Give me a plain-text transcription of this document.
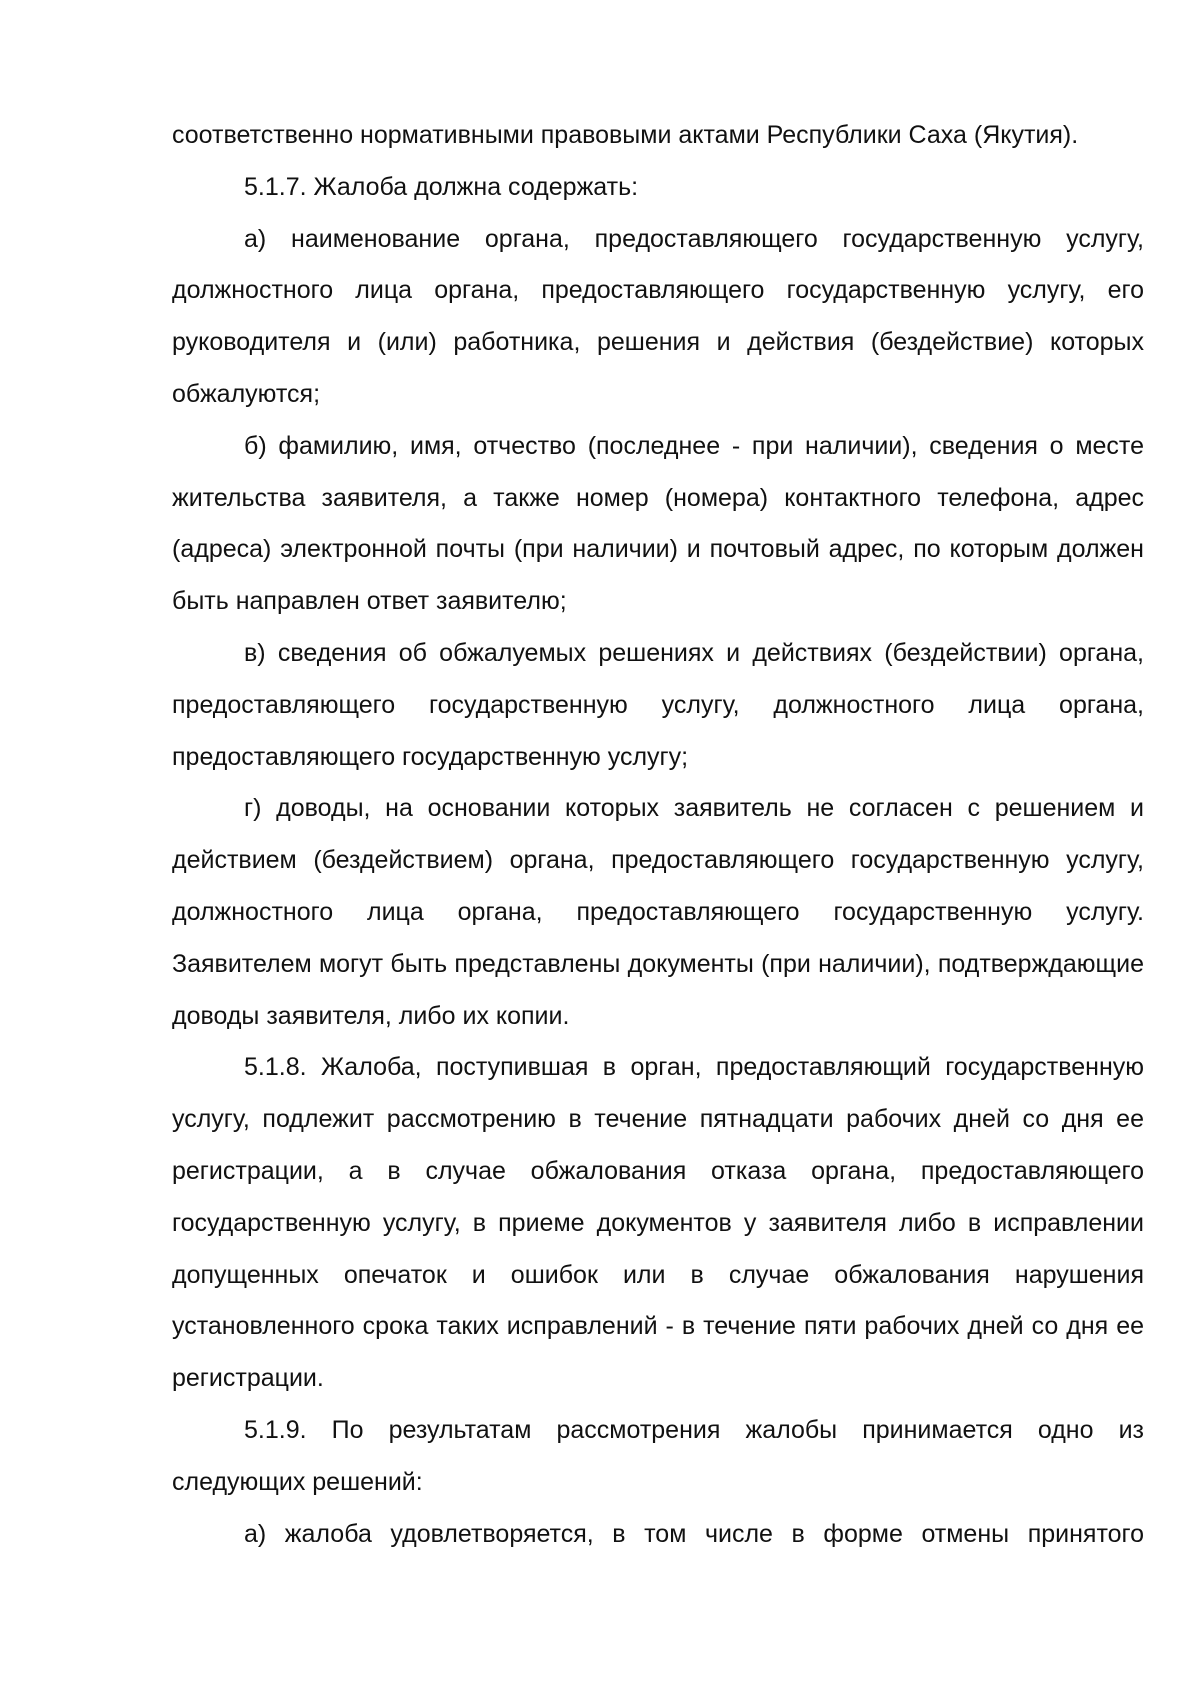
соответственно нормативными правовыми актами Республики Саха (Якутия).

5.1.7. Жалоба должна содержать:

а) наименование органа, предоставляющего государственную услугу, должностного лица органа, предоставляющего государственную услугу, его руководителя и (или) работника, решения и действия (бездействие) которых обжалуются;

б) фамилию, имя, отчество (последнее - при наличии), сведения о месте жительства заявителя, а также номер (номера) контактного телефона, адрес (адреса) электронной почты (при наличии) и почтовый адрес, по которым должен быть направлен ответ заявителю;

в) сведения об обжалуемых решениях и действиях (бездействии) органа, предоставляющего государственную услугу, должностного лица органа, предоставляющего государственную услугу;

г) доводы, на основании которых заявитель не согласен с решением и действием (бездействием) органа, предоставляющего государственную услугу, должностного лица органа, предоставляющего государственную услугу. Заявителем могут быть представлены документы (при наличии), подтверждающие доводы заявителя, либо их копии.

5.1.8. Жалоба, поступившая в орган, предоставляющий государственную услугу, подлежит рассмотрению в течение пятнадцати рабочих дней со дня ее регистрации, а в случае обжалования отказа органа, предоставляющего государственную услугу, в приеме документов у заявителя либо в исправлении допущенных опечаток и ошибок или в случае обжалования нарушения установленного срока таких исправлений - в течение пяти рабочих дней со дня ее регистрации.

5.1.9. По результатам рассмотрения жалобы принимается одно из следующих решений:

а) жалоба удовлетворяется, в том числе в форме отмены принятого
